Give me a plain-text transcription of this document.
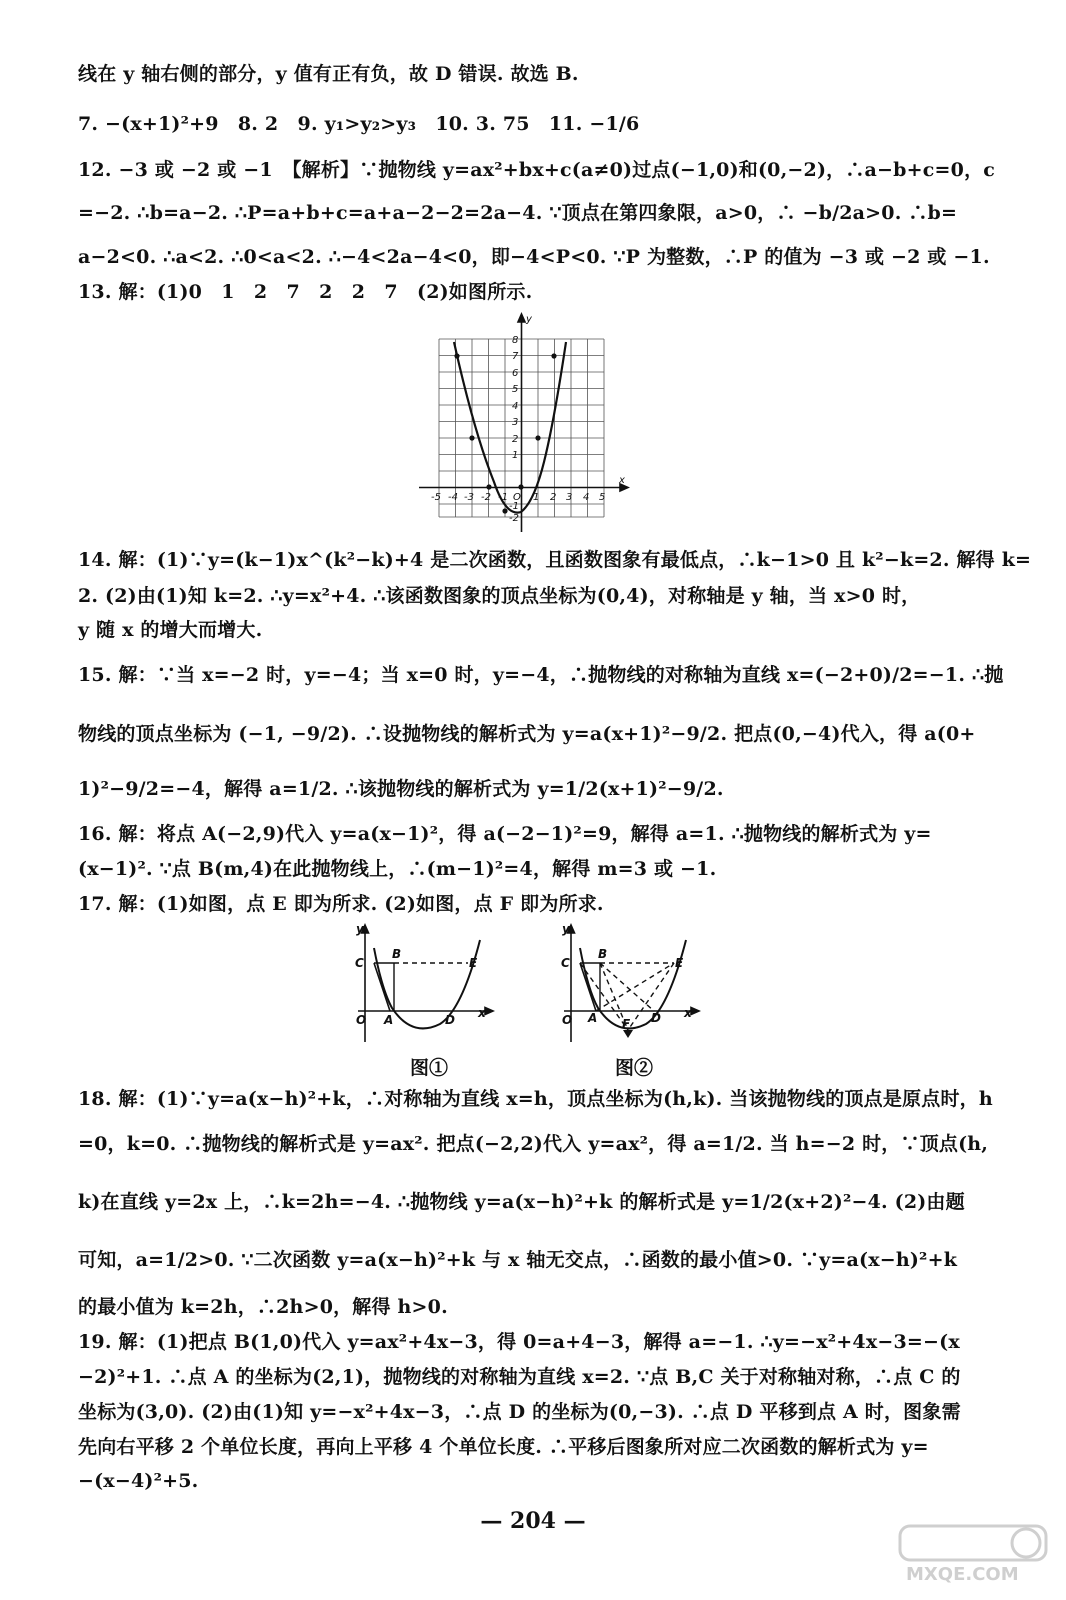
线在 y 轴右侧的部分，y 值有正有负，故 D 错误. 故选 B.
7. −(x+1)²+9　8. 2　9. y₁>y₂>y₃　10. 3. 75　11. −1/6
12. −3 或 −2 或 −1　【解析】∵抛物线 y=ax²+bx+c(a≠0)过点(−1,0)和(0,−2)，∴a−b+c=0，c
=−2. ∴b=a−2. ∴P=a+b+c=a+a−2−2=2a−4. ∵顶点在第四象限，a>0，∴ −b/2a>0. ∴b=
a−2<0. ∴a<2. ∴0<a<2. ∴−4<2a−4<0，即−4<P<0. ∵P 为整数，∴P 的值为 −3 或 −2 或 −1.
13. 解：(1)0　1　2　7　2　2　7　(2)如图所示.
-5 -4 -3 -2 -1 O 1 2 3 4 5
x
8
7
6
5
4
3
2
1
-1
-2
y
14. 解：(1)∵y=(k−1)x^(k²−k)+4 是二次函数，且函数图象有最低点，∴k−1>0 且 k²−k=2. 解得 k=
2. (2)由(1)知 k=2. ∴y=x²+4. ∴该函数图象的顶点坐标为(0,4)，对称轴是 y 轴，当 x>0 时，
y 随 x 的增大而增大.
15. 解：∵当 x=−2 时，y=−4；当 x=0 时，y=−4，∴抛物线的对称轴为直线 x=(−2+0)/2=−1. ∴抛
物线的顶点坐标为 (−1, −9/2). ∴设抛物线的解析式为 y=a(x+1)²−9/2. 把点(0,−4)代入，得 a(0+
1)²−9/2=−4，解得 a=1/2. ∴该抛物线的解析式为 y=1/2(x+1)²−9/2.
16. 解：将点 A(−2,9)代入 y=a(x−1)²，得 a(−2−1)²=9，解得 a=1. ∴抛物线的解析式为 y=
(x−1)². ∵点 B(m,4)在此抛物线上，∴(m−1)²=4，解得 m=3 或 −1.
17. 解：(1)如图，点 E 即为所求. (2)如图，点 F 即为所求.
y
C
B
E
O A	D x
图①
y
C
B
E
O A F D x
图②
18. 解：(1)∵y=a(x−h)²+k，∴对称轴为直线 x=h，顶点坐标为(h,k). 当该抛物线的顶点是原点时，h
=0，k=0. ∴抛物线的解析式是 y=ax². 把点(−2,2)代入 y=ax²，得 a=1/2. 当 h=−2 时，∵顶点(h,
k)在直线 y=2x 上，∴k=2h=−4. ∴抛物线 y=a(x−h)²+k 的解析式是 y=1/2(x+2)²−4. (2)由题
可知，a=1/2>0. ∵二次函数 y=a(x−h)²+k 与 x 轴无交点，∴函数的最小值>0. ∵y=a(x−h)²+k
的最小值为 k=2h，∴2h>0，解得 h>0.
19. 解：(1)把点 B(1,0)代入 y=ax²+4x−3，得 0=a+4−3，解得 a=−1. ∴y=−x²+4x−3=−(x
−2)²+1. ∴点 A 的坐标为(2,1)，抛物线的对称轴为直线 x=2. ∵点 B,C 关于对称轴对称，∴点 C 的
坐标为(3,0). (2)由(1)知 y=−x²+4x−3，∴点 D 的坐标为(0,−3). ∴点 D 平移到点 A 时，图象需
先向右平移 2 个单位长度，再向上平移 4 个单位长度. ∴平移后图象所对应二次函数的解析式为 y=
−(x−4)²+5.
— 204 —
MXQE.COM
